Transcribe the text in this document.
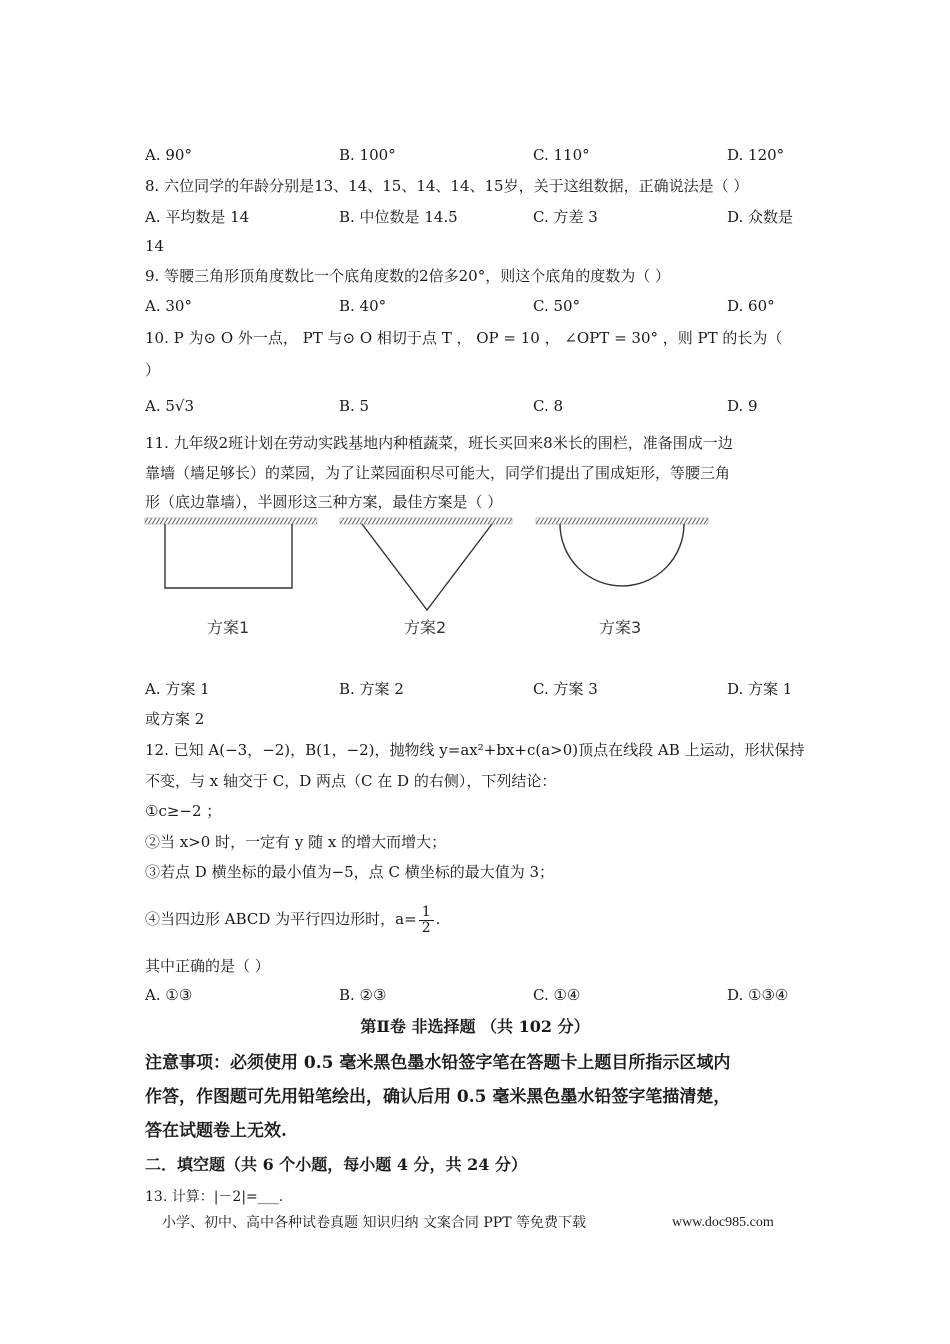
A. 90°	B. 100°	C. 110°	D. 120°
8. 六位同学的年龄分别是13、14、15、14、14、15岁，关于这组数据，正确说法是（ ）
A. 平均数是 14	B. 中位数是 14.5	C. 方差 3	D. 众数是
14
9. 等腰三角形顶角度数比一个底角度数的2倍多20°，则这个底角的度数为（ ）
A. 30°	B. 40°	C. 50°	D. 60°
10. P 为⊙ O 外一点， PT 与⊙ O 相切于点 T ， OP = 10 ， ∠OPT = 30° ，则 PT 的长为（
）
A. 5√3	B. 5	C. 8	D. 9
11. 九年级2班计划在劳动实践基地内种植蔬菜，班长买回来8米长的围栏，准备围成一边
靠墙（墙足够长）的菜园，为了让菜园面积尽可能大，同学们提出了围成矩形，等腰三角
形（底边靠墙），半圆形这三种方案，最佳方案是（ ）
方案1	方案2	方案3
A. 方案 1	B. 方案 2	C. 方案 3	D. 方案 1
或方案 2
12. 已知 A(−3，−2)，B(1，−2)，抛物线 y=ax²+bx+c(a>0)顶点在线段 AB 上运动，形状保持
不变，与 x 轴交于 C，D 两点（C 在 D 的右侧），下列结论：
①c≥−2 ；
②当 x>0 时，一定有 y 随 x 的增大而增大；
③若点 D 横坐标的最小值为−5，点 C 横坐标的最大值为 3；
④当四边形 ABCD 为平行四边形时，$a= \frac{1}{2}$ .
其中正确的是（ ）
A. ①③	B. ②③	C. ①④	D. ①③④
第Ⅱ卷 非选择题 （共 102 分）
注意事项：必须使用 0.5 毫米黑色墨水铅签字笔在答题卡上题目所指示区域内
作答，作图题可先用铅笔绘出，确认后用 0.5 毫米黑色墨水铅签字笔描清楚，
答在试题卷上无效.
二．填空题（共 6 个小题，每小题 4 分，共 24 分）
13. 计算：|－2|=___.
小学、初中、高中各种试卷真题 知识归纳 文案合同 PPT 等免费下载	www.doc985.com
